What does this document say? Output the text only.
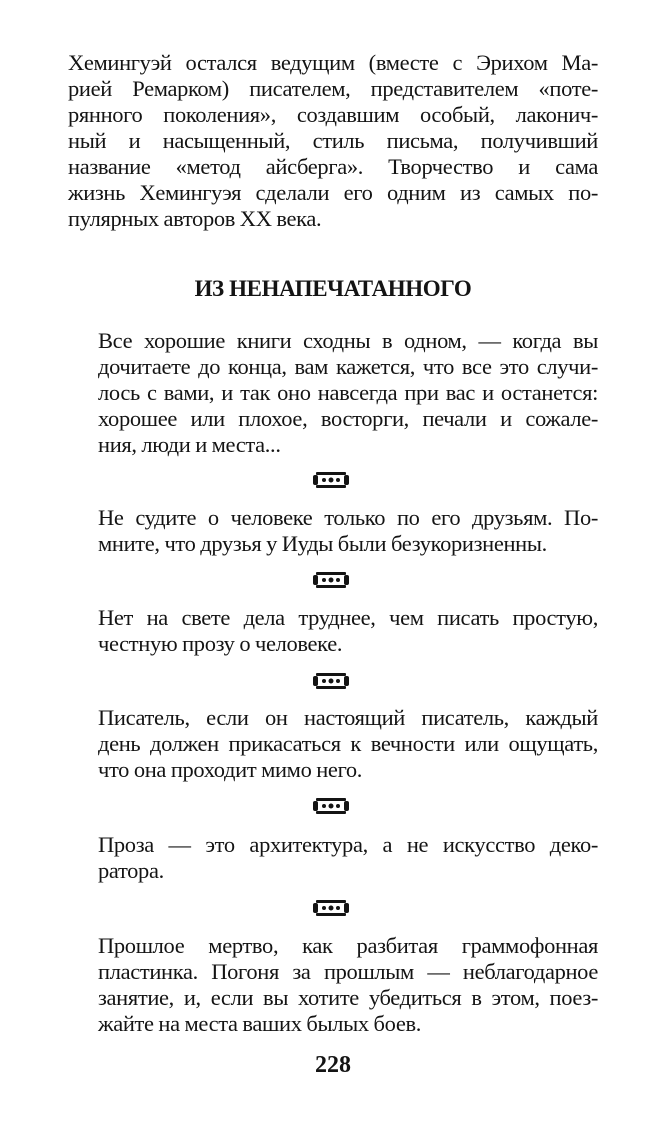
Хемингуэй остался ведущим (вместе с Эрихом Ма-
рией Ремарком) писателем, представителем «поте-
рянного поколения», создавшим особый, лаконич-
ный и насыщенный, стиль письма, получивший
название «метод айсберга». Творчество и сама
жизнь Хемингуэя сделали его одним из самых по-
пулярных авторов XX века.
ИЗ НЕНАПЕЧАТАННОГО
Все хорошие книги сходны в одном, — когда вы
дочитаете до конца, вам кажется, что все это случи-
лось с вами, и так оно навсегда при вас и останется:
хорошее или плохое, восторги, печали и сожале-
ния, люди и места...
Не судите о человеке только по его друзьям. По-
мните, что друзья у Иуды были безукоризненны.
Нет на свете дела труднее, чем писать простую,
честную прозу о человеке.
Писатель, если он настоящий писатель, каждый
день должен прикасаться к вечности или ощущать,
что она проходит мимо него.
Проза — это архитектура, а не искусство деко-
ратора.
Прошлое мертво, как разбитая граммофонная
пластинка. Погоня за прошлым — неблагодарное
занятие, и, если вы хотите убедиться в этом, поез-
жайте на места ваших былых боев.
228
